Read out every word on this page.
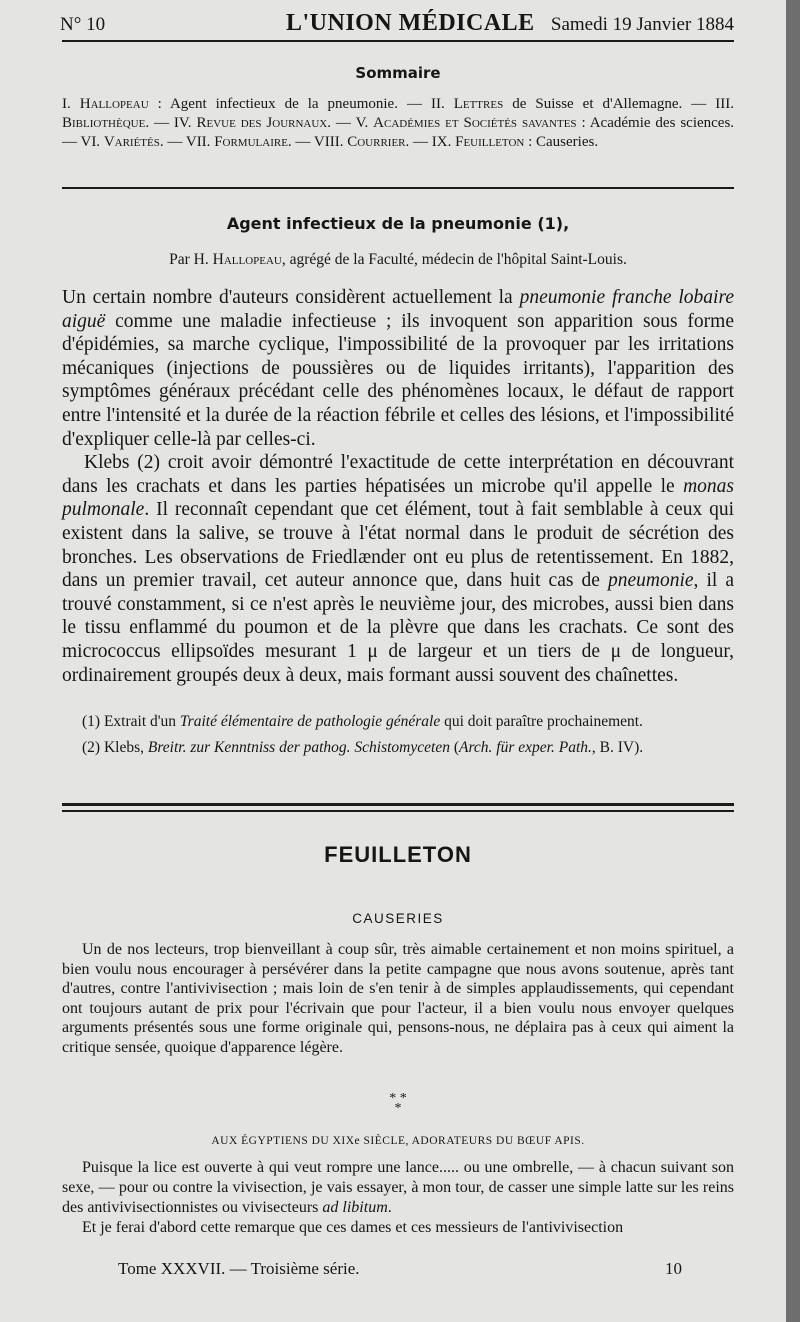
N° 10	L'UNION MÉDICALE Samedi 19 Janvier 1884
Sommaire
I. Hallopeau : Agent infectieux de la pneumonie. — II. Lettres de Suisse et d'Allemagne. — III. Bibliothèque. — IV. Revue des Journaux. — V. Académies et Sociétés savantes : Académie des sciences. — VI. Variétés. — VII. Formulaire. — VIII. Courrier. — IX. Feuilleton : Causeries.
Agent infectieux de la pneumonie (1),
Par H. Hallopeau, agrégé de la Faculté, médecin de l'hôpital Saint-Louis.

Un certain nombre d'auteurs considèrent actuellement la pneumonie franche lobaire aiguë comme une maladie infectieuse ; ils invoquent son apparition sous forme d'épidémies, sa marche cyclique, l'impossibilité de la provoquer par les irritations mécaniques (injections de poussières ou de liquides irritants), l'apparition des symptômes généraux précédant celle des phénomènes locaux, le défaut de rapport entre l'intensité et la durée de la réaction fébrile et celles des lésions, et l'impossibilité d'expliquer celle-là par celles-ci.

Klebs (2) croit avoir démontré l'exactitude de cette interprétation en découvrant dans les crachats et dans les parties hépatisées un microbe qu'il appelle le monas pulmonale. Il reconnaît cependant que cet élément, tout à fait semblable à ceux qui existent dans la salive, se trouve à l'état normal dans le produit de sécrétion des bronches. Les observations de Friedlænder ont eu plus de retentissement. En 1882, dans un premier travail, cet auteur annonce que, dans huit cas de pneumonie, il a trouvé constamment, si ce n'est après le neuvième jour, des microbes, aussi bien dans le tissu enflammé du poumon et de la plèvre que dans les crachats. Ce sont des micrococcus ellipsoïdes mesurant 1 μ de largeur et un tiers de μ de longueur, ordinairement groupés deux à deux, mais formant aussi souvent des chaînettes.

(1) Extrait d'un Traité élémentaire de pathologie générale qui doit paraître prochainement.

(2) Klebs, Breitr. zur Kenntniss der pathog. Schistomyceten (Arch. für exper. Path., B. IV).

FEUILLETON
CAUSERIES

Un de nos lecteurs, trop bienveillant à coup sûr, très aimable certainement et non moins spirituel, a bien voulu nous encourager à persévérer dans la petite campagne que nous avons soutenue, après tant d'autres, contre l'antivivisection ; mais loin de s'en tenir à de simples applaudissements, qui cependant ont toujours autant de prix pour l'écrivain que pour l'acteur, il a bien voulu nous envoyer quelques arguments présentés sous une forme originale qui, pensons-nous, ne déplaira pas à ceux qui aiment la critique sensée, quoique d'apparence légère.

* *
*
AUX ÉGYPTIENS DU XIXe SIÈCLE, ADORATEURS DU BŒUF APIS.

Puisque la lice est ouverte à qui veut rompre une lance..... ou une ombrelle, — à chacun suivant son sexe, — pour ou contre la vivisection, je vais essayer, à mon tour, de casser une simple latte sur les reins des antivivisectionnistes ou vivisecteurs ad libitum.

Et je ferai d'abord cette remarque que ces dames et ces messieurs de l'antivivisection

Tome XXXVII. — Troisième série.	10
